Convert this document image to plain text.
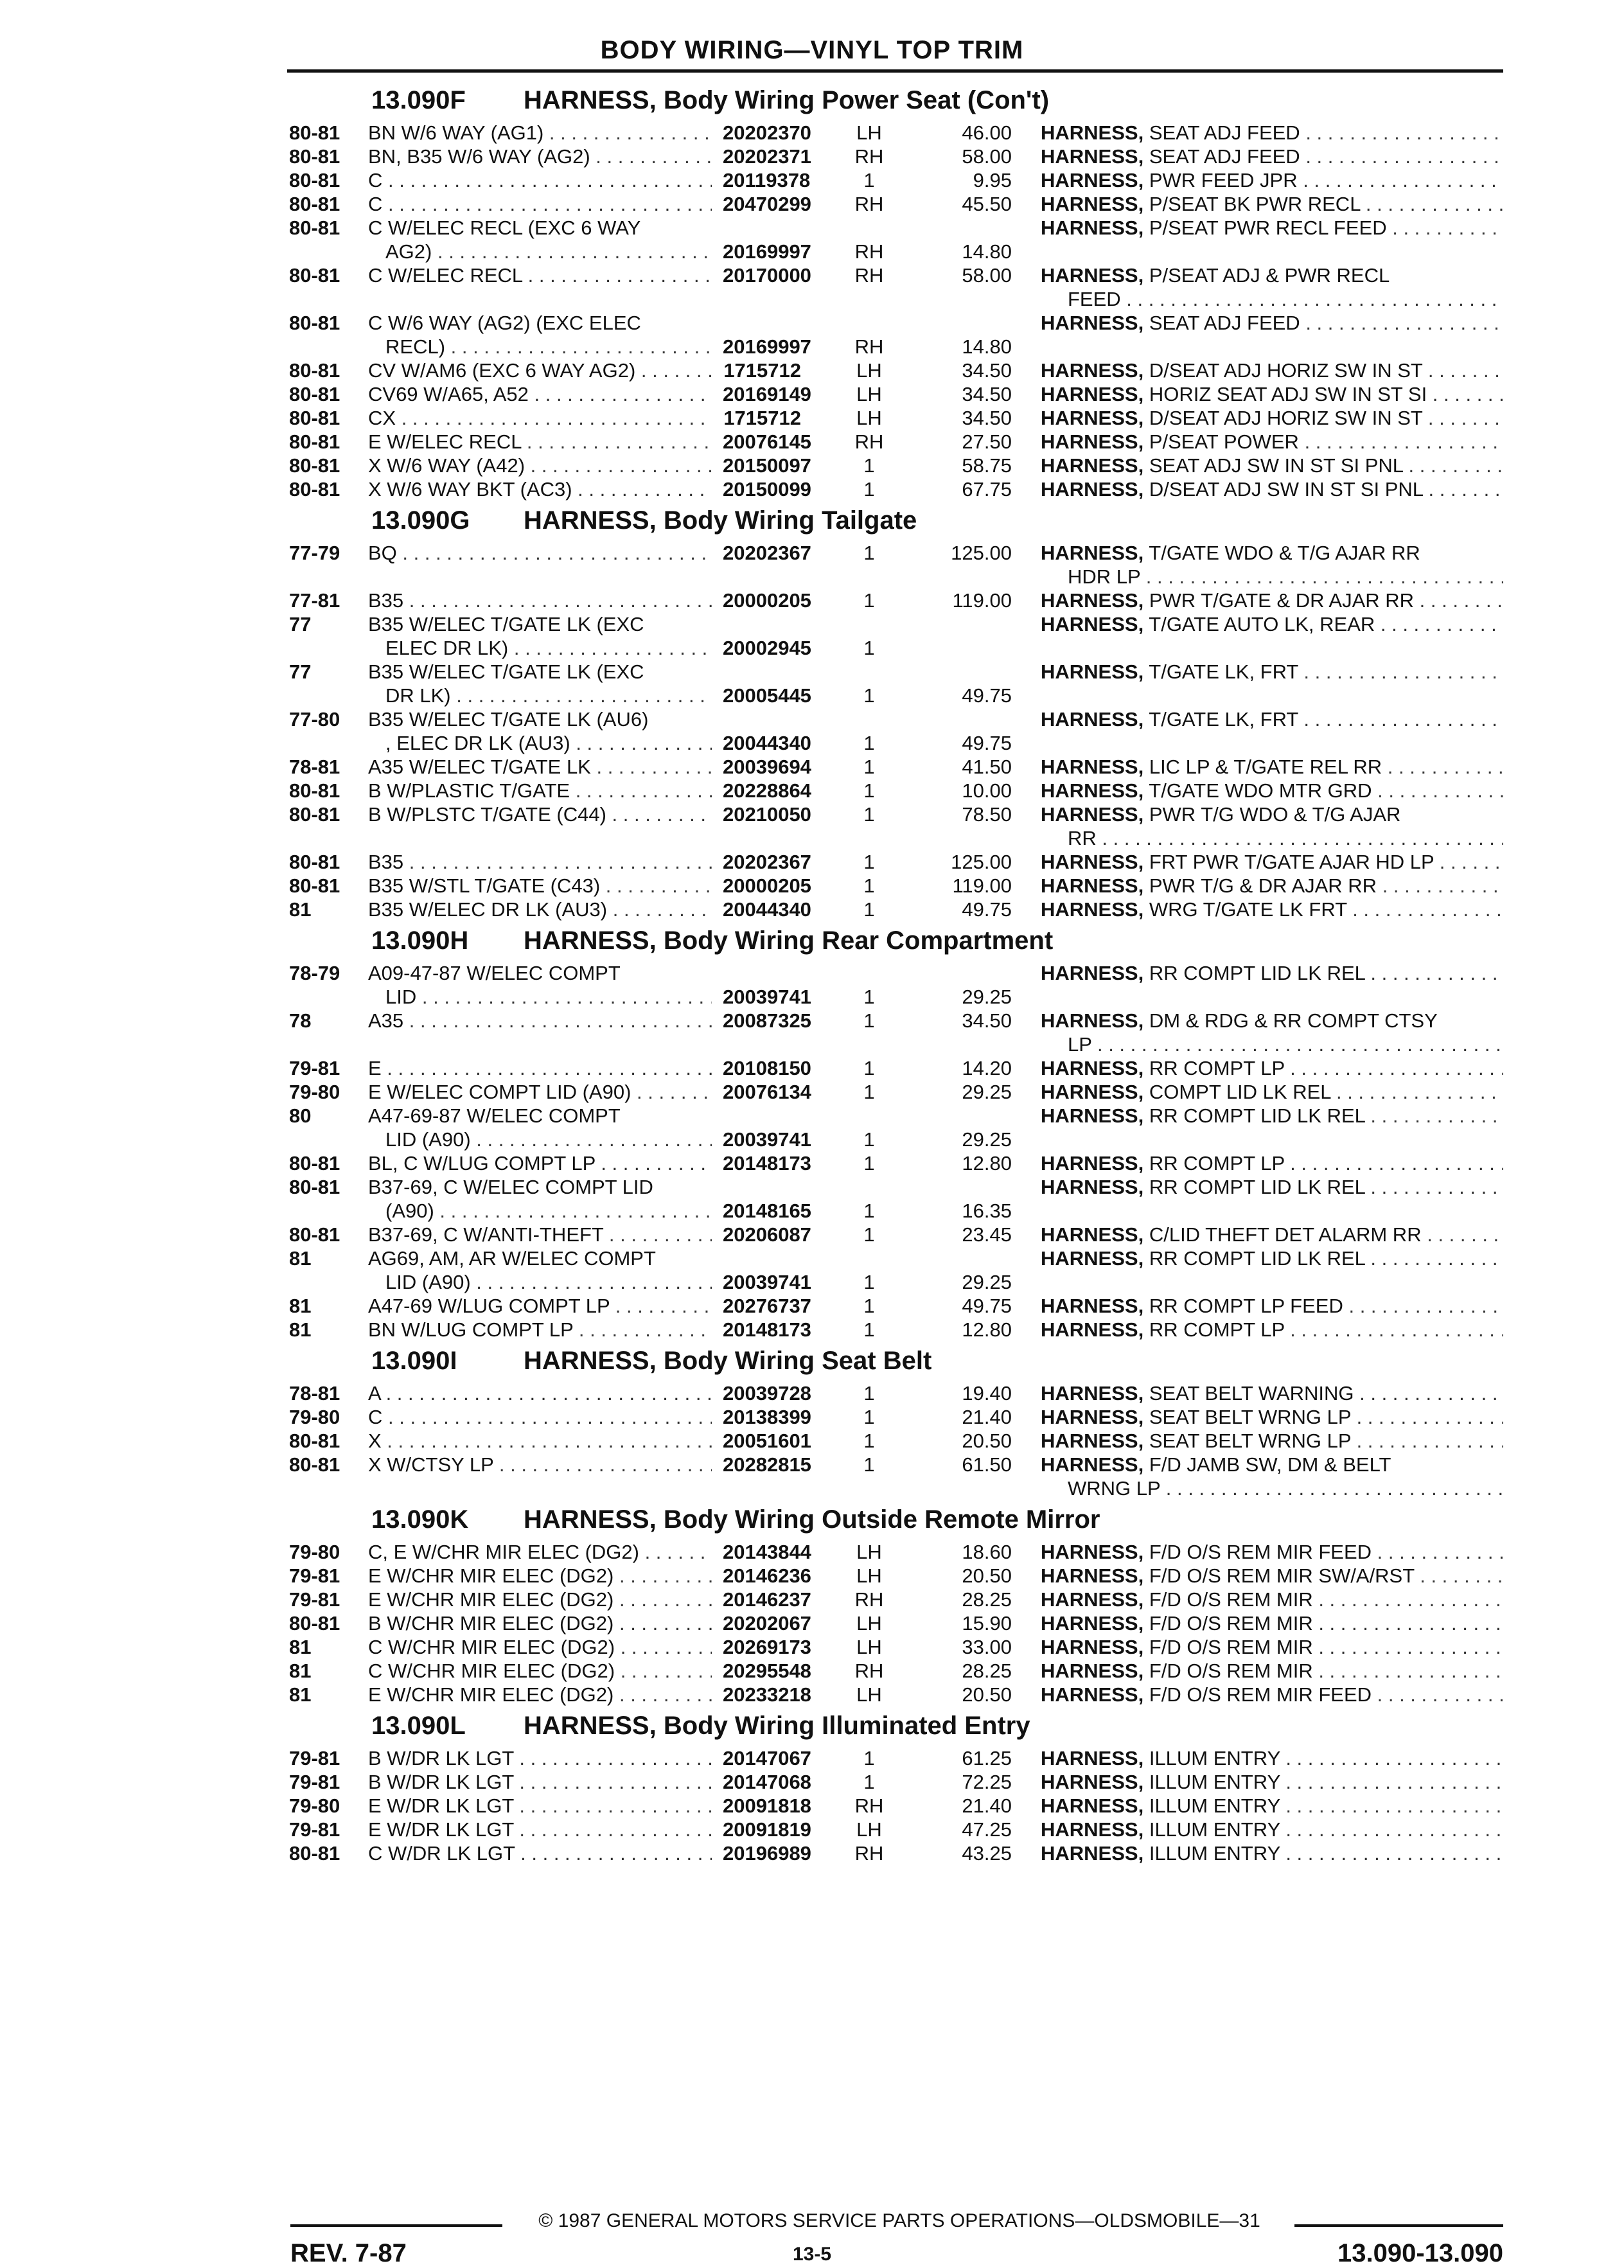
BODY WIRING—VINYL TOP TRIM
13.090F HARNESS, Body Wiring Power Seat (Con't)
80-81 BN W/6 WAY (AG1) . . .	20202370	LH	46.00 HARNESS, SEAT ADJ FEED . . .
80-81 BN, B35 W/6 WAY (AG2) . . .	20202371 RH	58.00 HARNESS, SEAT ADJ FEED . . .
80-81 C . . .	20119378	1	9.95 HARNESS, PWR FEED JPR . . .
80-81 C . . .	20470299 RH	45.50 HARNESS, P/SEAT BK PWR RECL . . .
80-81 C W/ELEC RECL (EXC 6 WAY	HARNESS, P/SEAT PWR RECL FEED . . .
AG2) . . .	20169997 RH	14.80
80-81 C W/ELEC RECL . . .	20170000 RH	58.00 HARNESS, P/SEAT ADJ & PWR RECL
FEED . . .
80-81 C W/6 WAY (AG2) (EXC ELEC	HARNESS, SEAT ADJ FEED . . .
RECL) . . .	20169997 RH	14.80
80-81 CV W/AM6 (EXC 6 WAY AG2) . . .	1715712	LH	34.50 HARNESS, D/SEAT ADJ HORIZ SW IN ST . . .
80-81 CV69 W/A65, A52 . . .	20169149	LH	34.50 HARNESS, HORIZ SEAT ADJ SW IN ST SI . . .
80-81 CX . . .	1715712	LH	34.50 HARNESS, D/SEAT ADJ HORIZ SW IN ST . . .
80-81 E W/ELEC RECL . . .	20076145 RH	27.50 HARNESS, P/SEAT POWER . . .
80-81 X W/6 WAY (A42) . . .	20150097	1	58.75 HARNESS, SEAT ADJ SW IN ST SI PNL . . .
80-81 X W/6 WAY BKT (AC3) . . .	20150099	1	67.75 HARNESS, D/SEAT ADJ SW IN ST SI PNL . . .
13.090G HARNESS, Body Wiring Tailgate
77-79 BQ . . .	20202367	1	125.00 HARNESS, T/GATE WDO & T/G AJAR RR
HDR LP . . .
77-81 B35 . . .	20000205	1	119.00 HARNESS, PWR T/GATE & DR AJAR RR . . .
77	B35 W/ELEC T/GATE LK (EXC	HARNESS, T/GATE AUTO LK, REAR . . .
ELEC DR LK) . . .	20002945	1
77	B35 W/ELEC T/GATE LK (EXC	HARNESS, T/GATE LK, FRT . . .
DR LK) . . .	20005445	1	49.75
77-80 B35 W/ELEC T/GATE LK (AU6)	HARNESS, T/GATE LK, FRT . . .
, ELEC DR LK (AU3) . . .	20044340	1	49.75
78-81 A35 W/ELEC T/GATE LK . . .	20039694	1	41.50 HARNESS, LIC LP & T/GATE REL RR . . .
80-81 B W/PLASTIC T/GATE . . .	20228864	1	10.00 HARNESS, T/GATE WDO MTR GRD . . .
80-81 B W/PLSTC T/GATE (C44) . . .	20210050	1	78.50 HARNESS, PWR T/G WDO & T/G AJAR
RR . . .
80-81 B35 . . .	20202367	1	125.00 HARNESS, FRT PWR T/GATE AJAR HD LP . . .
80-81 B35 W/STL T/GATE (C43) . . .	20000205	1	119.00 HARNESS, PWR T/G & DR AJAR RR . . .
81	B35 W/ELEC DR LK (AU3) . . .	20044340	1	49.75 HARNESS, WRG T/GATE LK FRT . . .
13.090H HARNESS, Body Wiring Rear Compartment
78-79 A09-47-87 W/ELEC COMPT	HARNESS, RR COMPT LID LK REL . . .
LID . . .	20039741	1	29.25
78	A35 . . .	20087325	1	34.50 HARNESS, DM & RDG & RR COMPT CTSY
LP . . .
79-81 E . . .	20108150	1	14.20 HARNESS, RR COMPT LP . . .
79-80 E W/ELEC COMPT LID (A90) . . .	20076134	1	29.25 HARNESS, COMPT LID LK REL . . .
80	A47-69-87 W/ELEC COMPT	HARNESS, RR COMPT LID LK REL . . .
LID (A90) . . .	20039741	1	29.25
80-81 BL, C W/LUG COMPT LP . . .	20148173	1	12.80 HARNESS, RR COMPT LP . . .
80-81 B37-69, C W/ELEC COMPT LID	HARNESS, RR COMPT LID LK REL . . .
(A90) . . .	20148165	1	16.35
80-81 B37-69, C W/ANTI-THEFT . . .	20206087	1	23.45 HARNESS, C/LID THEFT DET ALARM RR . . .
81	AG69, AM, AR W/ELEC COMPT	HARNESS, RR COMPT LID LK REL . . .
LID (A90) . . .	20039741	1	29.25
81	A47-69 W/LUG COMPT LP . . .	20276737	1	49.75 HARNESS, RR COMPT LP FEED . . .
81	BN W/LUG COMPT LP . . .	20148173	1	12.80 HARNESS, RR COMPT LP . . .
13.090I	HARNESS, Body Wiring Seat Belt
78-81 A . . .	20039728	1	19.40 HARNESS, SEAT BELT WARNING . . .
79-80 C . . .	20138399	1	21.40 HARNESS, SEAT BELT WRNG LP . . .
80-81 X . . .	20051601	1	20.50 HARNESS, SEAT BELT WRNG LP . . .
80-81 X W/CTSY LP . . .	20282815	1	61.50 HARNESS, F/D JAMB SW, DM & BELT
WRNG LP . . .
13.090K HARNESS, Body Wiring Outside Remote Mirror
79-80 C, E W/CHR MIR ELEC (DG2) . . .	20143844	LH	18.60 HARNESS, F/D O/S REM MIR FEED . . .
79-81 E W/CHR MIR ELEC (DG2) . . .	20146236	LH	20.50 HARNESS, F/D O/S REM MIR SW/A/RST . . .
79-81 E W/CHR MIR ELEC (DG2) . . .	20146237 RH	28.25 HARNESS, F/D O/S REM MIR . . .
80-81 B W/CHR MIR ELEC (DG2) . . .	20202067	LH	15.90 HARNESS, F/D O/S REM MIR . . .
81	C W/CHR MIR ELEC (DG2) . . .	20269173	LH	33.00 HARNESS, F/D O/S REM MIR . . .
81	C W/CHR MIR ELEC (DG2) . . .	20295548 RH	28.25 HARNESS, F/D O/S REM MIR . . .
81	E W/CHR MIR ELEC (DG2) . . .	20233218	LH	20.50 HARNESS, F/D O/S REM MIR FEED . . .
13.090L HARNESS, Body Wiring Illuminated Entry
79-81 B W/DR LK LGT . . .	20147067	1	61.25 HARNESS, ILLUM ENTRY . . .
79-81 B W/DR LK LGT . . .	20147068	1	72.25 HARNESS, ILLUM ENTRY . . .
79-80 E W/DR LK LGT . . .	20091818 RH	21.40 HARNESS, ILLUM ENTRY . . .
79-81 E W/DR LK LGT . . .	20091819	LH	47.25 HARNESS, ILLUM ENTRY . . .
80-81 C W/DR LK LGT . . .	20196989 RH	43.25 HARNESS, ILLUM ENTRY . . .
© 1987 GENERAL MOTORS SERVICE PARTS OPERATIONS—OLDSMOBILE—31
REV. 7-87	13-5	13.090-13.090
